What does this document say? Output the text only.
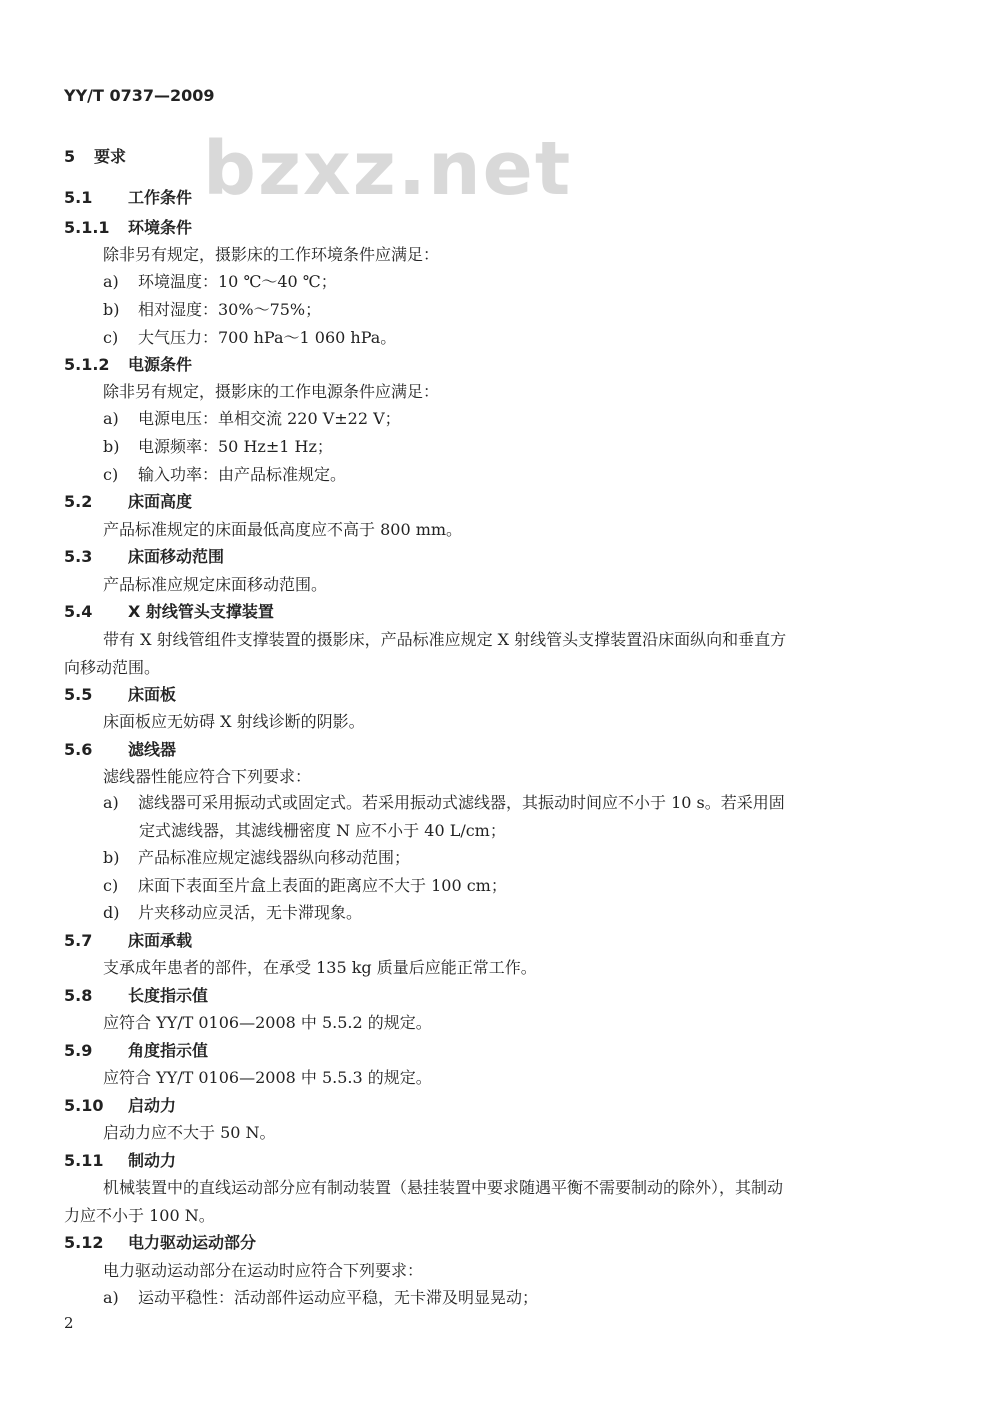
bzxz.net
YY/T 0737—2009
5 要求
5.1 工作条件
5.1.1 环境条件
除非另有规定，摄影床的工作环境条件应满足：
a) 环境温度：10 ℃～40 ℃；
b) 相对湿度：30%～75%；
c) 大气压力：700 hPa～1 060 hPa。
5.1.2 电源条件
除非另有规定，摄影床的工作电源条件应满足：
a) 电源电压：单相交流 220 V±22 V；
b) 电源频率：50 Hz±1 Hz；
c) 输入功率：由产品标准规定。
5.2 床面高度
产品标准规定的床面最低高度应不高于 800 mm。
5.3 床面移动范围
产品标准应规定床面移动范围。
5.4 X 射线管头支撑装置
带有 X 射线管组件支撑装置的摄影床，产品标准应规定 X 射线管头支撑装置沿床面纵向和垂直方
向移动范围。
5.5 床面板
床面板应无妨碍 X 射线诊断的阴影。
5.6 滤线器
滤线器性能应符合下列要求：
a) 滤线器可采用振动式或固定式。若采用振动式滤线器，其振动时间应不小于 10 s。若采用固
定式滤线器，其滤线栅密度 N 应不小于 40 L/cm；
b) 产品标准应规定滤线器纵向移动范围；
c) 床面下表面至片盒上表面的距离应不大于 100 cm；
d) 片夹移动应灵活，无卡滞现象。
5.7 床面承载
支承成年患者的部件，在承受 135 kg 质量后应能正常工作。
5.8 长度指示值
应符合 YY/T 0106—2008 中 5.5.2 的规定。
5.9 角度指示值
应符合 YY/T 0106—2008 中 5.5.3 的规定。
5.10 启动力
启动力应不大于 50 N。
5.11 制动力
机械装置中的直线运动部分应有制动装置（悬挂装置中要求随遇平衡不需要制动的除外），其制动
力应不小于 100 N。
5.12 电力驱动运动部分
电力驱动运动部分在运动时应符合下列要求：
a) 运动平稳性：活动部件运动应平稳，无卡滞及明显晃动；
2
